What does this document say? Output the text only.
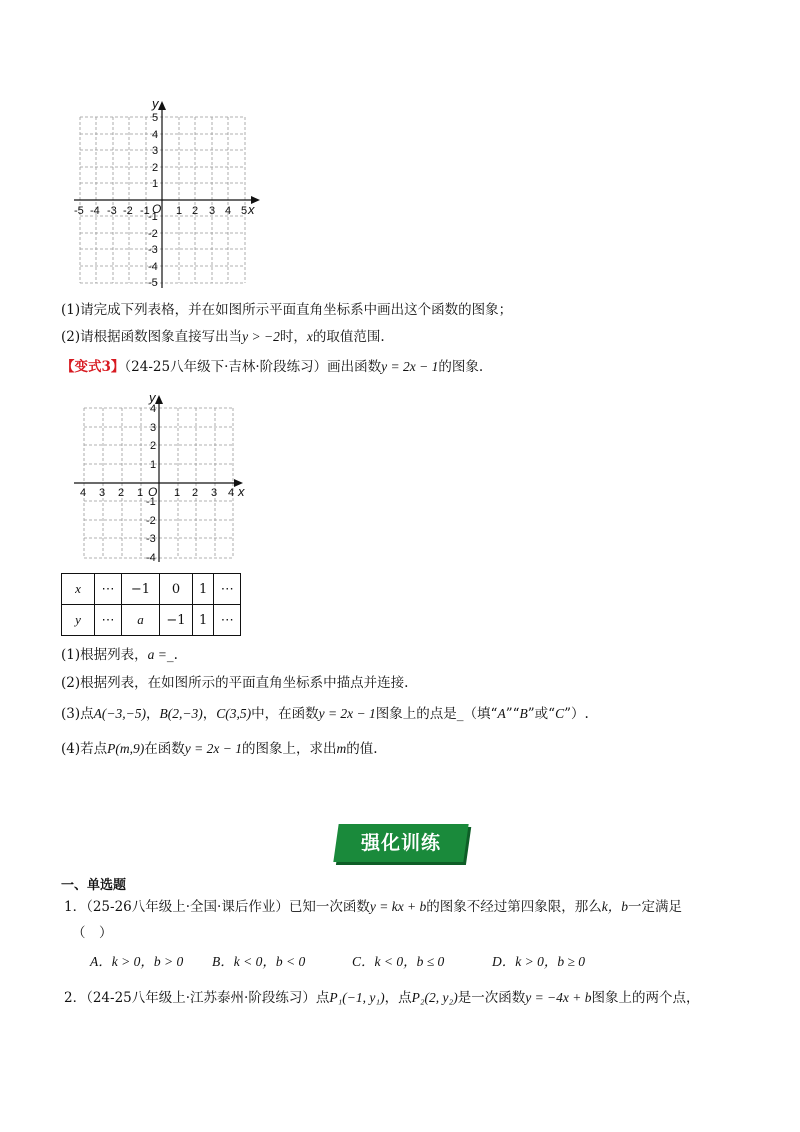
-5 -4 -3 -2 -1 1 2 3 4 5
5
4
3
2
1
-1
-2
-3
-4
-5
O	x
y
(1)请完成下列表格，并在如图所示平面直角坐标系中画出这个函数的图象；
(2)请根据函数图象直接写出当y > −2时，x的取值范围.
【变式3】（24-25八年级下·吉林·阶段练习）画出函数y = 2x − 1的图象.
4 3 2 1	1 2 3 4
4
3
2
1
-1
-2
-3
-4
O	x
y
x	⋯	−1	0	1	⋯
y	⋯	a	−1	1	⋯
(1)根据列表，a =_.
(2)根据列表，在如图所示的平面直角坐标系中描点并连接.
(3)点A(−3,−5)，B(2,−3)，C(3,5)中，在函数y = 2x − 1图象上的点是_（填“A”“B”或“C”）.
(4)若点P(m,9)在函数y = 2x − 1的图象上，求出m的值.
强化训练
一、单选题
1．（25-26八年级上·全国·课后作业）已知一次函数y = kx + b的图象不经过第四象限，那么k，b一定满足
（　）
A．k > 0，b > 0 B．k < 0，b < 0	C．k < 0，b ≤ 0	D．k > 0，b ≥ 0
2．（24-25八年级上·江苏泰州·阶段练习）点P₁(−1, y₁)，点P₂(2, y₂)是一次函数y = −4x + b图象上的两个点，
